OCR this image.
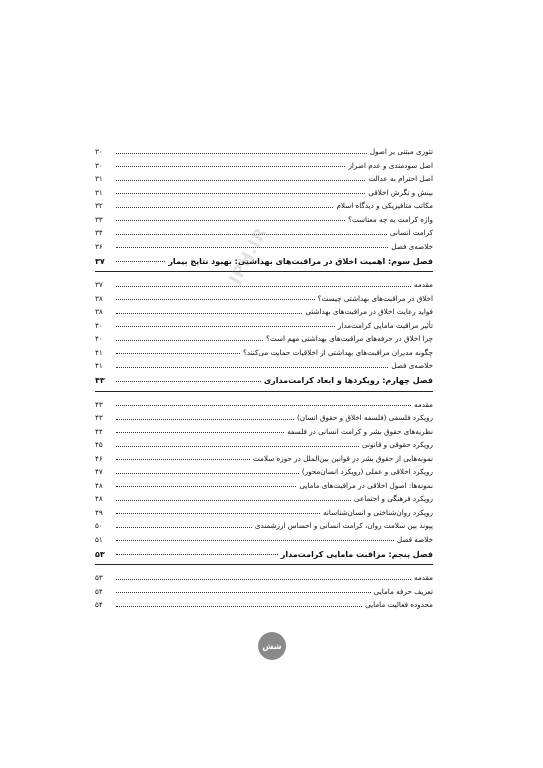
تئوری مبتنی بر اصول
۳۰
اصل سودمندی و عدم اضرار
۳۰
اصل احترام به عدالت
۳۱
بینش و نگرش اخلاقی
۳۱
مکاتب متافیزیکی و دیدگاه اسلام
۳۲
واژه کرامت به چه معناست؟
۳۳
کرامت انسانی
۳۴
خلاصه‌ی فصل
۳۶
فصل سوم: اهمیت اخلاق در مراقبت‌های بهداشتی: بهبود نتایج بیمار
۳۷
مقدمه
۳۷
اخلاق در مراقبت‌های بهداشتی چیست؟
۳۸
فواید رعایت اخلاق در مراقبت‌های بهداشتی
۳۸
تأثیر مراقبت مامایی کرامت‌مدار
۴۰
چرا اخلاق در حرفه‌های مراقبت‌های بهداشتی مهم است؟
۴۰
چگونه مدیران مراقبت‌های بهداشتی از اخلاقیات حمایت می‌کنند؟
۴۱
خلاصه‌ی فصل
۴۱
فصل چهارم: رویکردها و ابعاد کرامت‌مداری
۴۳
مقدمه
۴۳
رویکرد فلسفی (فلسفه اخلاق و حقوق انسان)
۴۳
نظریه‌های حقوق بشر و کرامت انسانی در فلسفه
۴۴
رویکرد حقوقی و قانونی
۴۵
نمونه‌هایی از حقوق بشر در قوانین بین‌الملل در حوزه سلامت
۴۶
رویکرد اخلاقی و عملی (رویکرد انسان‌محور)
۴۷
نمونه‌ها: اصول اخلاقی در مراقبت‌های مامایی
۴۸
رویکرد فرهنگی و اجتماعی
۴۸
رویکرد روان‌شناختی و انسان‌شناسانه
۴۹
پیوند بین سلامت روان، کرامت انسانی و احساس ارزشمندی
۵۰
خلاصه فصل
۵۱
فصل پنجم: مراقبت مامایی کرامت‌مدار
۵۳
مقدمه
۵۳
تعریف حرفه مامایی
۵۴
محدوده فعالیت مامایی
۵۴
JPH.IR
شش
